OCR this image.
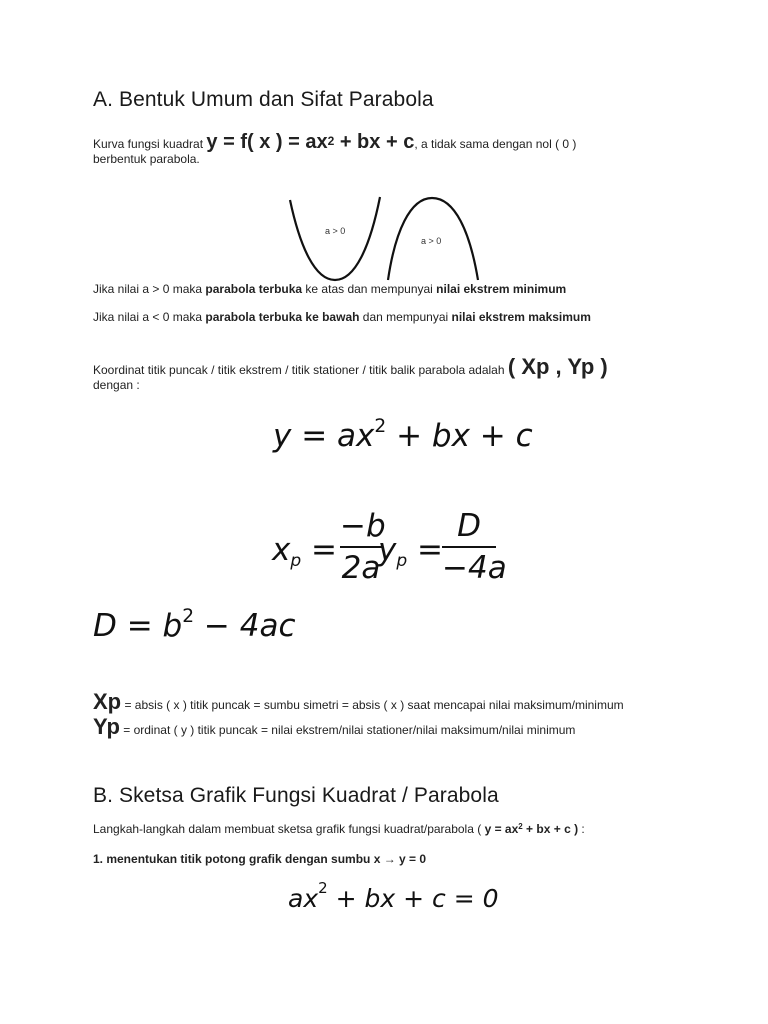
A. Bentuk Umum dan Sifat Parabola
Kurva fungsi kuadrat y = f( x ) = $ax^2$ + bx + c, a tidak sama dengan nol ( 0 )
berbentuk parabola.
a > 0
a > 0
Jika nilai a > 0 maka parabola terbuka ke atas dan mempunyai nilai ekstrem minimum
Jika nilai a < 0 maka parabola terbuka ke bawah dan mempunyai nilai ekstrem maksimum
Koordinat titik puncak / titik ekstrem / titik stationer / titik balik parabola adalah ( Xp , Yp )
dengan :
$y = ax^2$ + bx + c
$x_p$ =
−b
2a
$y_p$ =
D
−4a
$D = b^2 - 4ac$
Xp = absis ( x ) titik puncak = sumbu simetri = absis ( x ) saat mencapai nilai maksimum/minimum
Yp = ordinat ( y ) titik puncak = nilai ekstrem/nilai stationer/nilai maksimum/nilai minimum
B. Sketsa Grafik Fungsi Kuadrat / Parabola
Langkah-langkah dalam membuat sketsa grafik fungsi kuadrat/parabola ( $y = ax^2$ + bx + c ) :
1. menentukan titik potong grafik dengan sumbu x → y = 0
$ax^2$ + bx + c = 0
